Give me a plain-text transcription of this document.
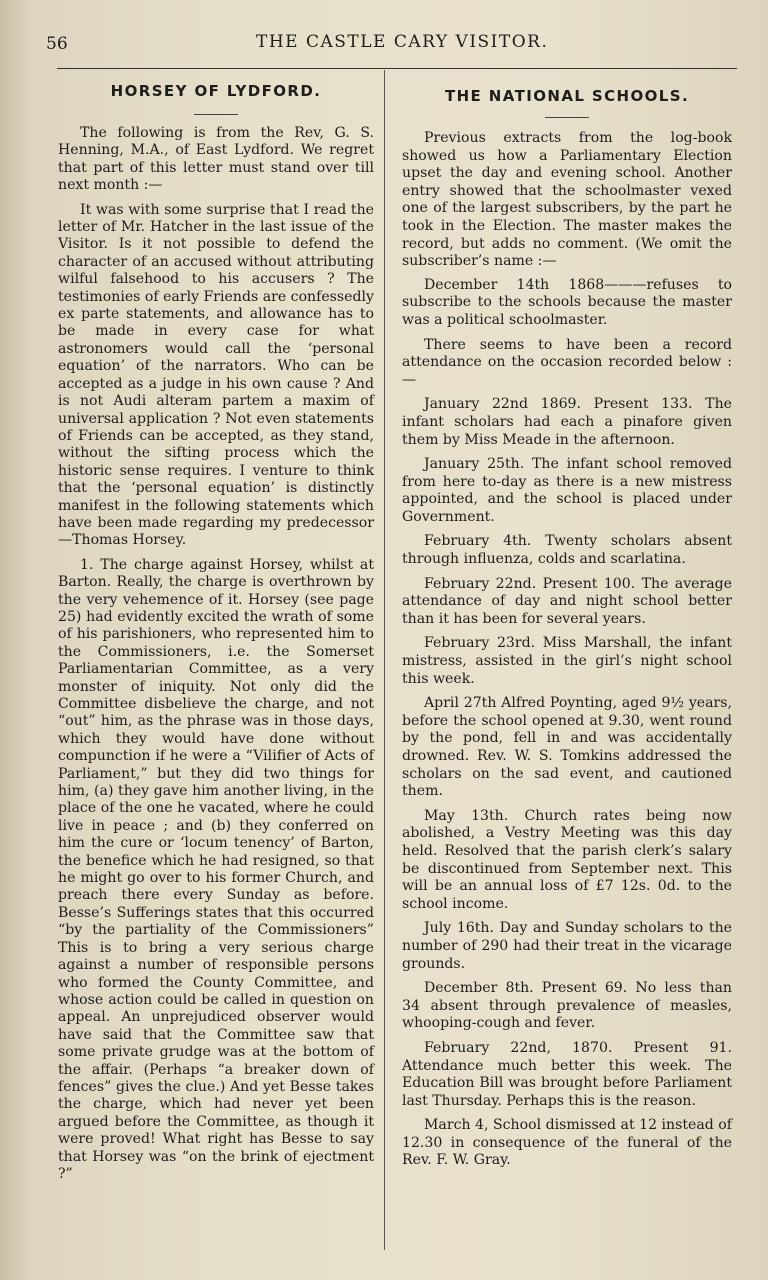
56	THE CASTLE CARY VISITOR.
HORSEY OF LYDFORD.

The following is from the Rev, G. S. Henning, M.A., of East Lydford. We regret that part of this letter must stand over till next month :—

It was with some surprise that I read the letter of Mr. Hatcher in the last issue of the Visitor. Is it not possible to defend the character of an accused without attributing wilful falsehood to his accusers ? The testimonies of early Friends are confessedly ex parte statements, and allowance has to be made in every case for what astronomers would call the ‘personal equation’ of the narrators. Who can be accepted as a judge in his own cause ? And is not Audi alteram partem a maxim of universal application ? Not even statements of Friends can be accepted, as they stand, without the sifting process which the historic sense requires. I venture to think that the ‘personal equation’ is distinctly manifest in the following statements which have been made regarding my predecessor—Thomas Horsey.

1. The charge against Horsey, whilst at Barton. Really, the charge is overthrown by the very vehemence of it. Horsey (see page 25) had evidently excited the wrath of some of his parishioners, who represented him to the Commissioners, i.e. the Somerset Parliamentarian Committee, as a very monster of iniquity. Not only did the Committee disbelieve the charge, and not “out” him, as the phrase was in those days, which they would have done without compunction if he were a “Vilifier of Acts of Parliament,” but they did two things for him, (a) they gave him another living, in the place of the one he vacated, where he could live in peace ; and (b) they conferred on him the cure or ‘locum tenency’ of Barton, the benefice which he had resigned, so that he might go over to his former Church, and preach there every Sunday as before. Besse’s Sufferings states that this occurred “by the partiality of the Commissioners” This is to bring a very serious charge against a number of responsible persons who formed the County Committee, and whose action could be called in question on appeal. An unprejudiced observer would have said that the Committee saw that some private grudge was at the bottom of the affair. (Perhaps “a breaker down of fences” gives the clue.) And yet Besse takes the charge, which had never yet been argued before the Committee, as though it were proved! What right has Besse to say that Horsey was “on the brink of ejectment ?”

THE NATIONAL SCHOOLS.

Previous extracts from the log-book showed us how a Parliamentary Election upset the day and evening school. Another entry showed that the schoolmaster vexed one of the largest subscribers, by the part he took in the Election. The master makes the record, but adds no comment. (We omit the subscriber’s name :—

December 14th 1868———refuses to subscribe to the schools because the master was a political schoolmaster.

There seems to have been a record attendance on the occasion recorded below :—

January 22nd 1869. Present 133. The infant scholars had each a pinafore given them by Miss Meade in the afternoon.

January 25th. The infant school removed from here to-day as there is a new mistress appointed, and the school is placed under Government.

February 4th. Twenty scholars absent through influenza, colds and scarlatina.

February 22nd. Present 100. The average attendance of day and night school better than it has been for several years.

February 23rd. Miss Marshall, the infant mistress, assisted in the girl’s night school this week.

April 27th Alfred Poynting, aged 9½ years, before the school opened at 9.30, went round by the pond, fell in and was accidentally drowned. Rev. W. S. Tomkins addressed the scholars on the sad event, and cautioned them.

May 13th. Church rates being now abolished, a Vestry Meeting was this day held. Resolved that the parish clerk’s salary be discontinued from September next. This will be an annual loss of £7 12s. 0d. to the school income.

July 16th. Day and Sunday scholars to the number of 290 had their treat in the vicarage grounds.

December 8th. Present 69. No less than 34 absent through prevalence of measles, whooping-cough and fever.

February 22nd, 1870. Present 91. Attendance much better this week. The Education Bill was brought before Parliament last Thursday. Perhaps this is the reason.

March 4, School dismissed at 12 instead of 12.30 in consequence of the funeral of the Rev. F. W. Gray.
